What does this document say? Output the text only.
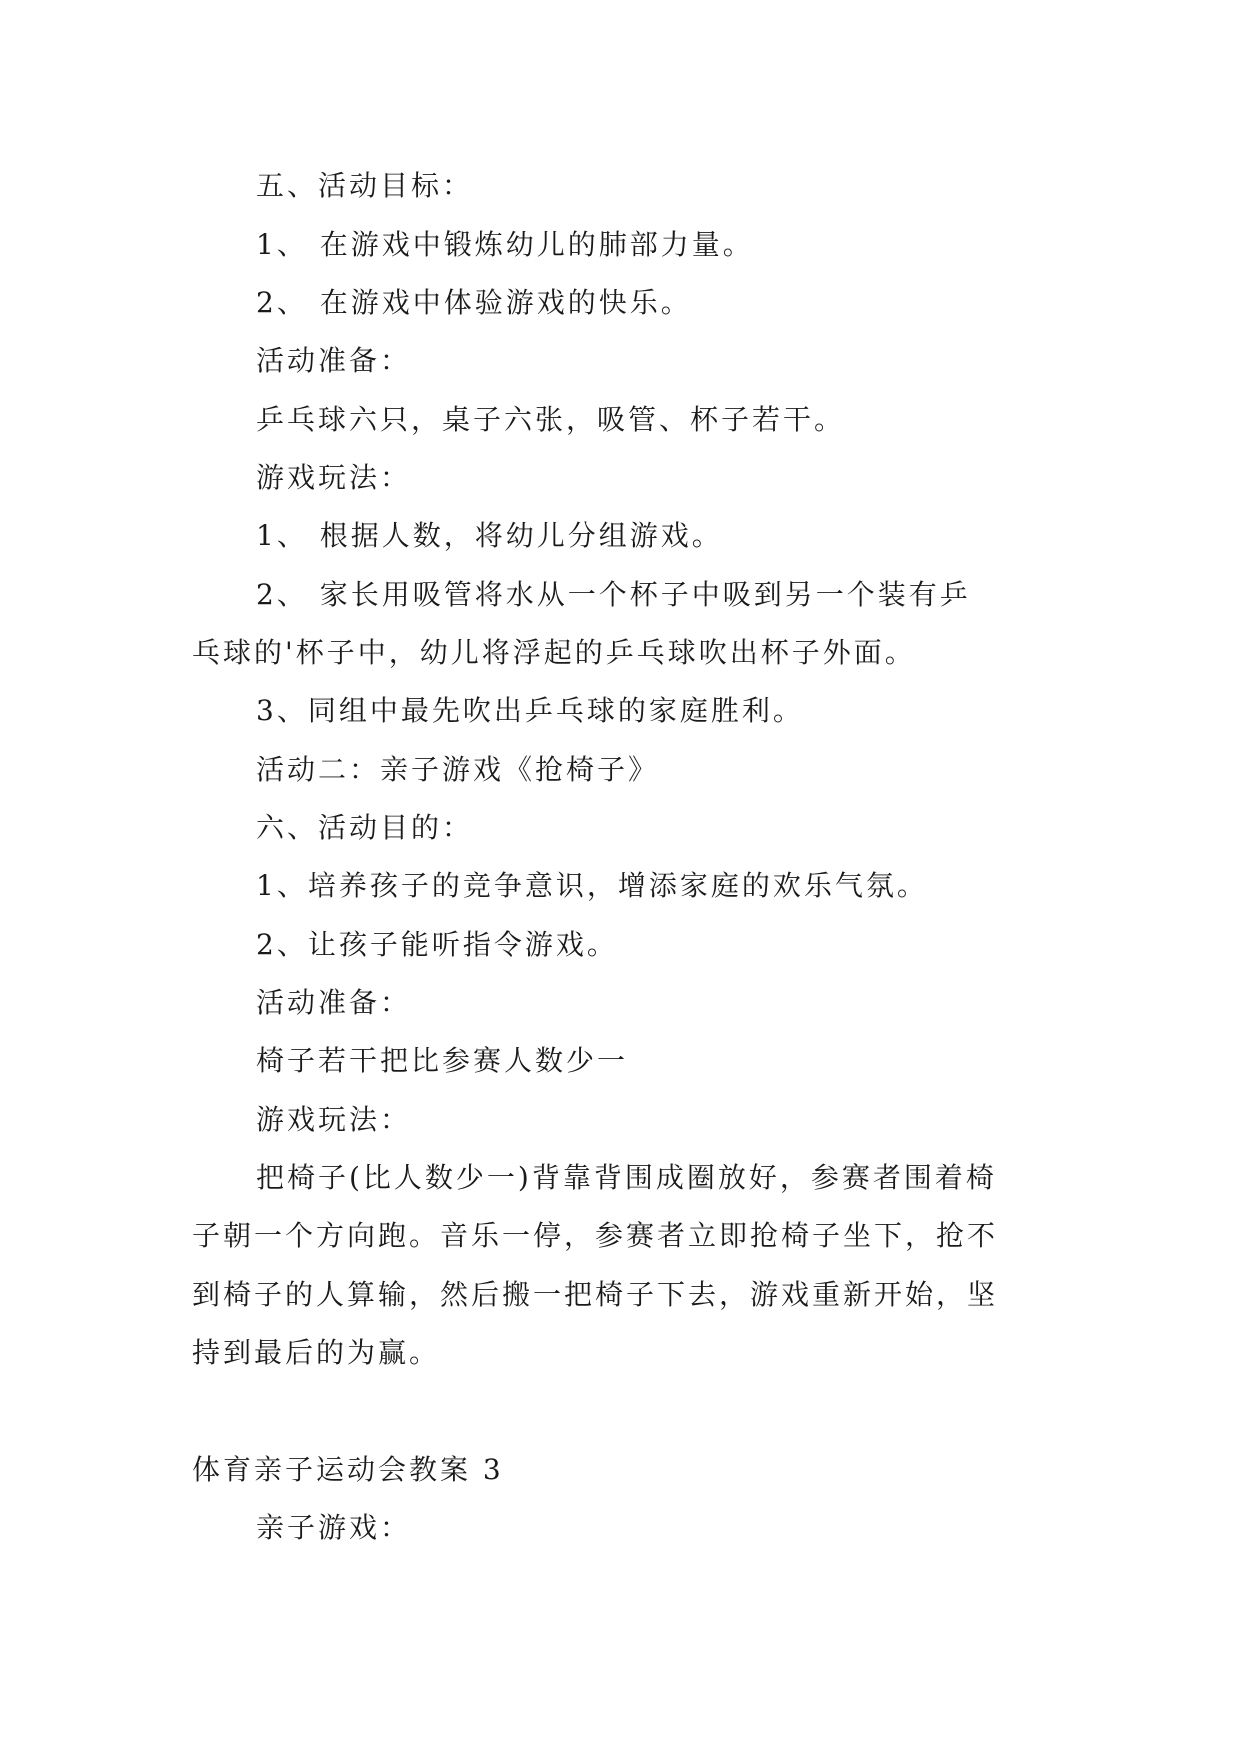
五、活动目标：
1、 在游戏中锻炼幼儿的肺部力量。
2、 在游戏中体验游戏的快乐。
活动准备：
乒乓球六只，桌子六张，吸管、杯子若干。
游戏玩法：
1、 根据人数，将幼儿分组游戏。
2、 家长用吸管将水从一个杯子中吸到另一个装有乒
乓球的'杯子中，幼儿将浮起的乒乓球吹出杯子外面。
3、同组中最先吹出乒乓球的家庭胜利。
活动二：亲子游戏《抢椅子》
六、活动目的：
1、培养孩子的竞争意识，增添家庭的欢乐气氛。
2、让孩子能听指令游戏。
活动准备：
椅子若干把比参赛人数少一
游戏玩法：
把椅子(比人数少一)背靠背围成圈放好，参赛者围着椅
子朝一个方向跑。音乐一停，参赛者立即抢椅子坐下，抢不
到椅子的人算输，然后搬一把椅子下去，游戏重新开始，坚
持到最后的为赢。
体育亲子运动会教案 3
亲子游戏：
